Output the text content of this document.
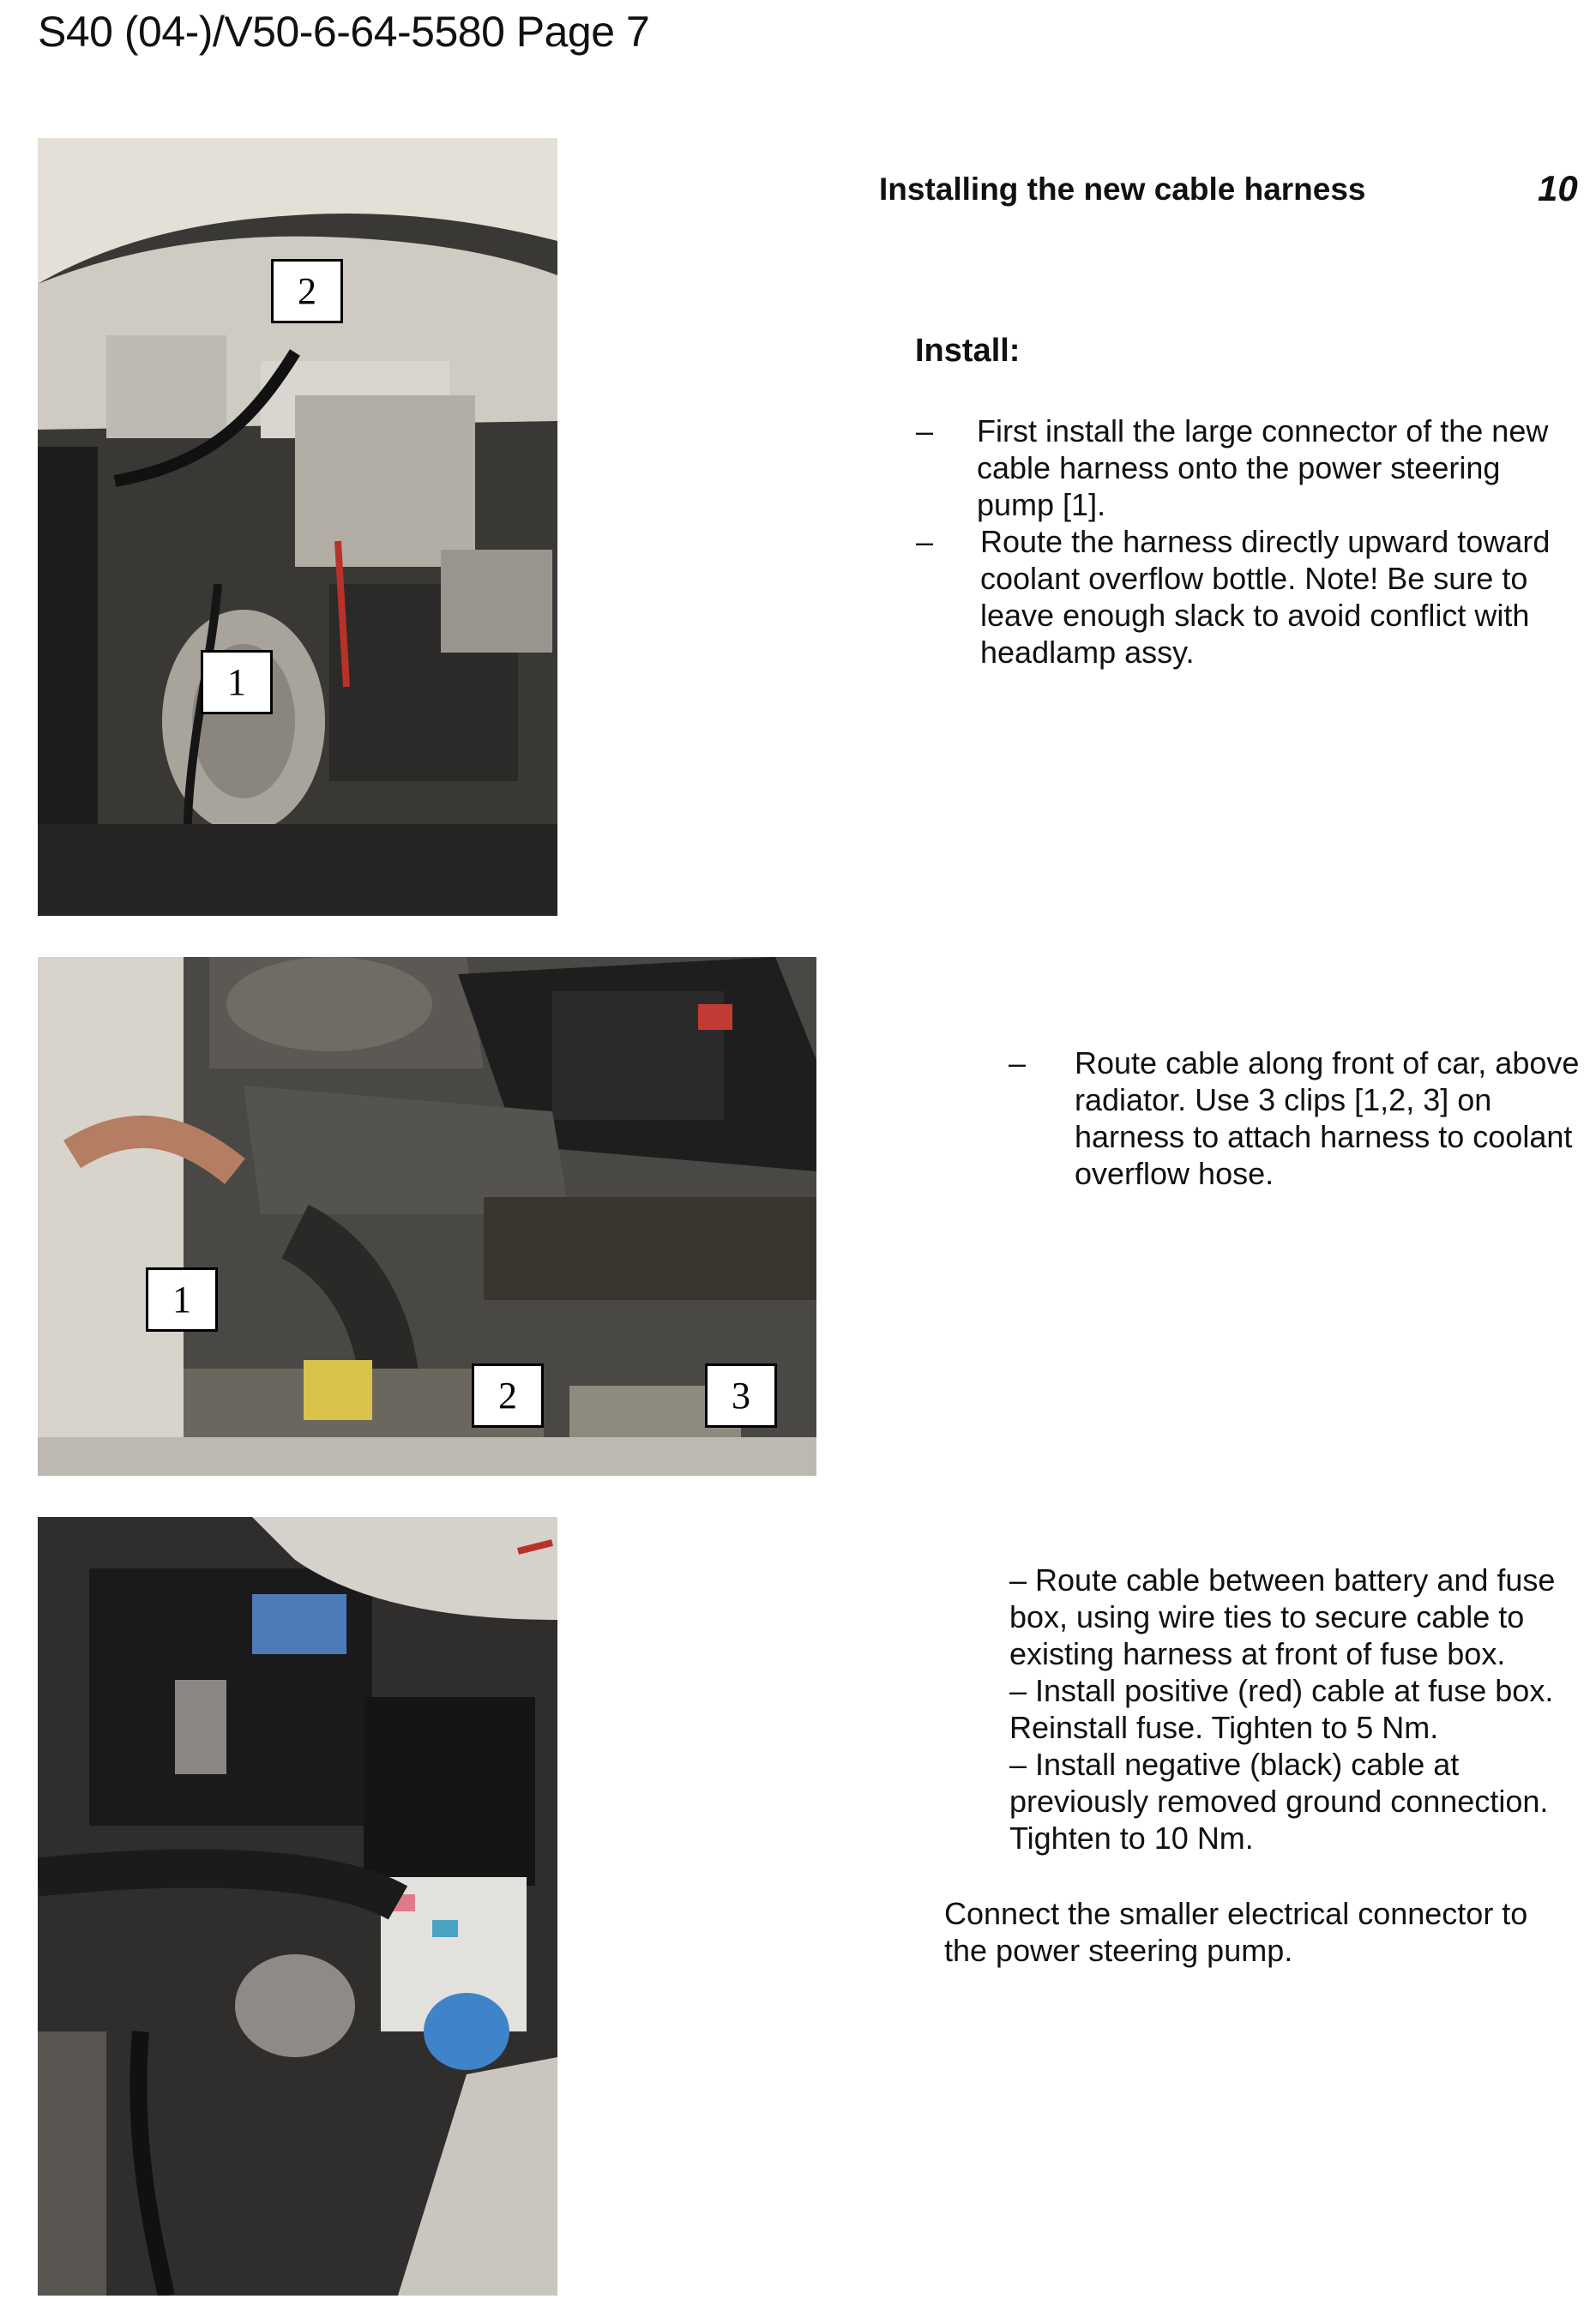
S40 (04-)/V50-6-64-5580 Page 7
2
1
Installing the new cable harness	10
Install:
– First install the large connector of the new cable harness onto the power steering pump [1].
– Route the harness directly upward toward coolant overflow bottle. Note! Be sure to leave enough slack to avoid conflict with headlamp assy.
1
2	3
– Route cable along front of car, above radiator. Use 3 clips [1,2, 3] on harness to attach harness to coolant overflow hose.
– Route cable between battery and fuse box, using wire ties to secure cable to existing harness at front of fuse box.
– Install positive (red) cable at fuse box. Reinstall fuse. Tighten to 5 Nm.
– Install negative (black) cable at previously removed ground connection. Tighten to 10 Nm.
Connect the smaller electrical connector to the power steering pump.
